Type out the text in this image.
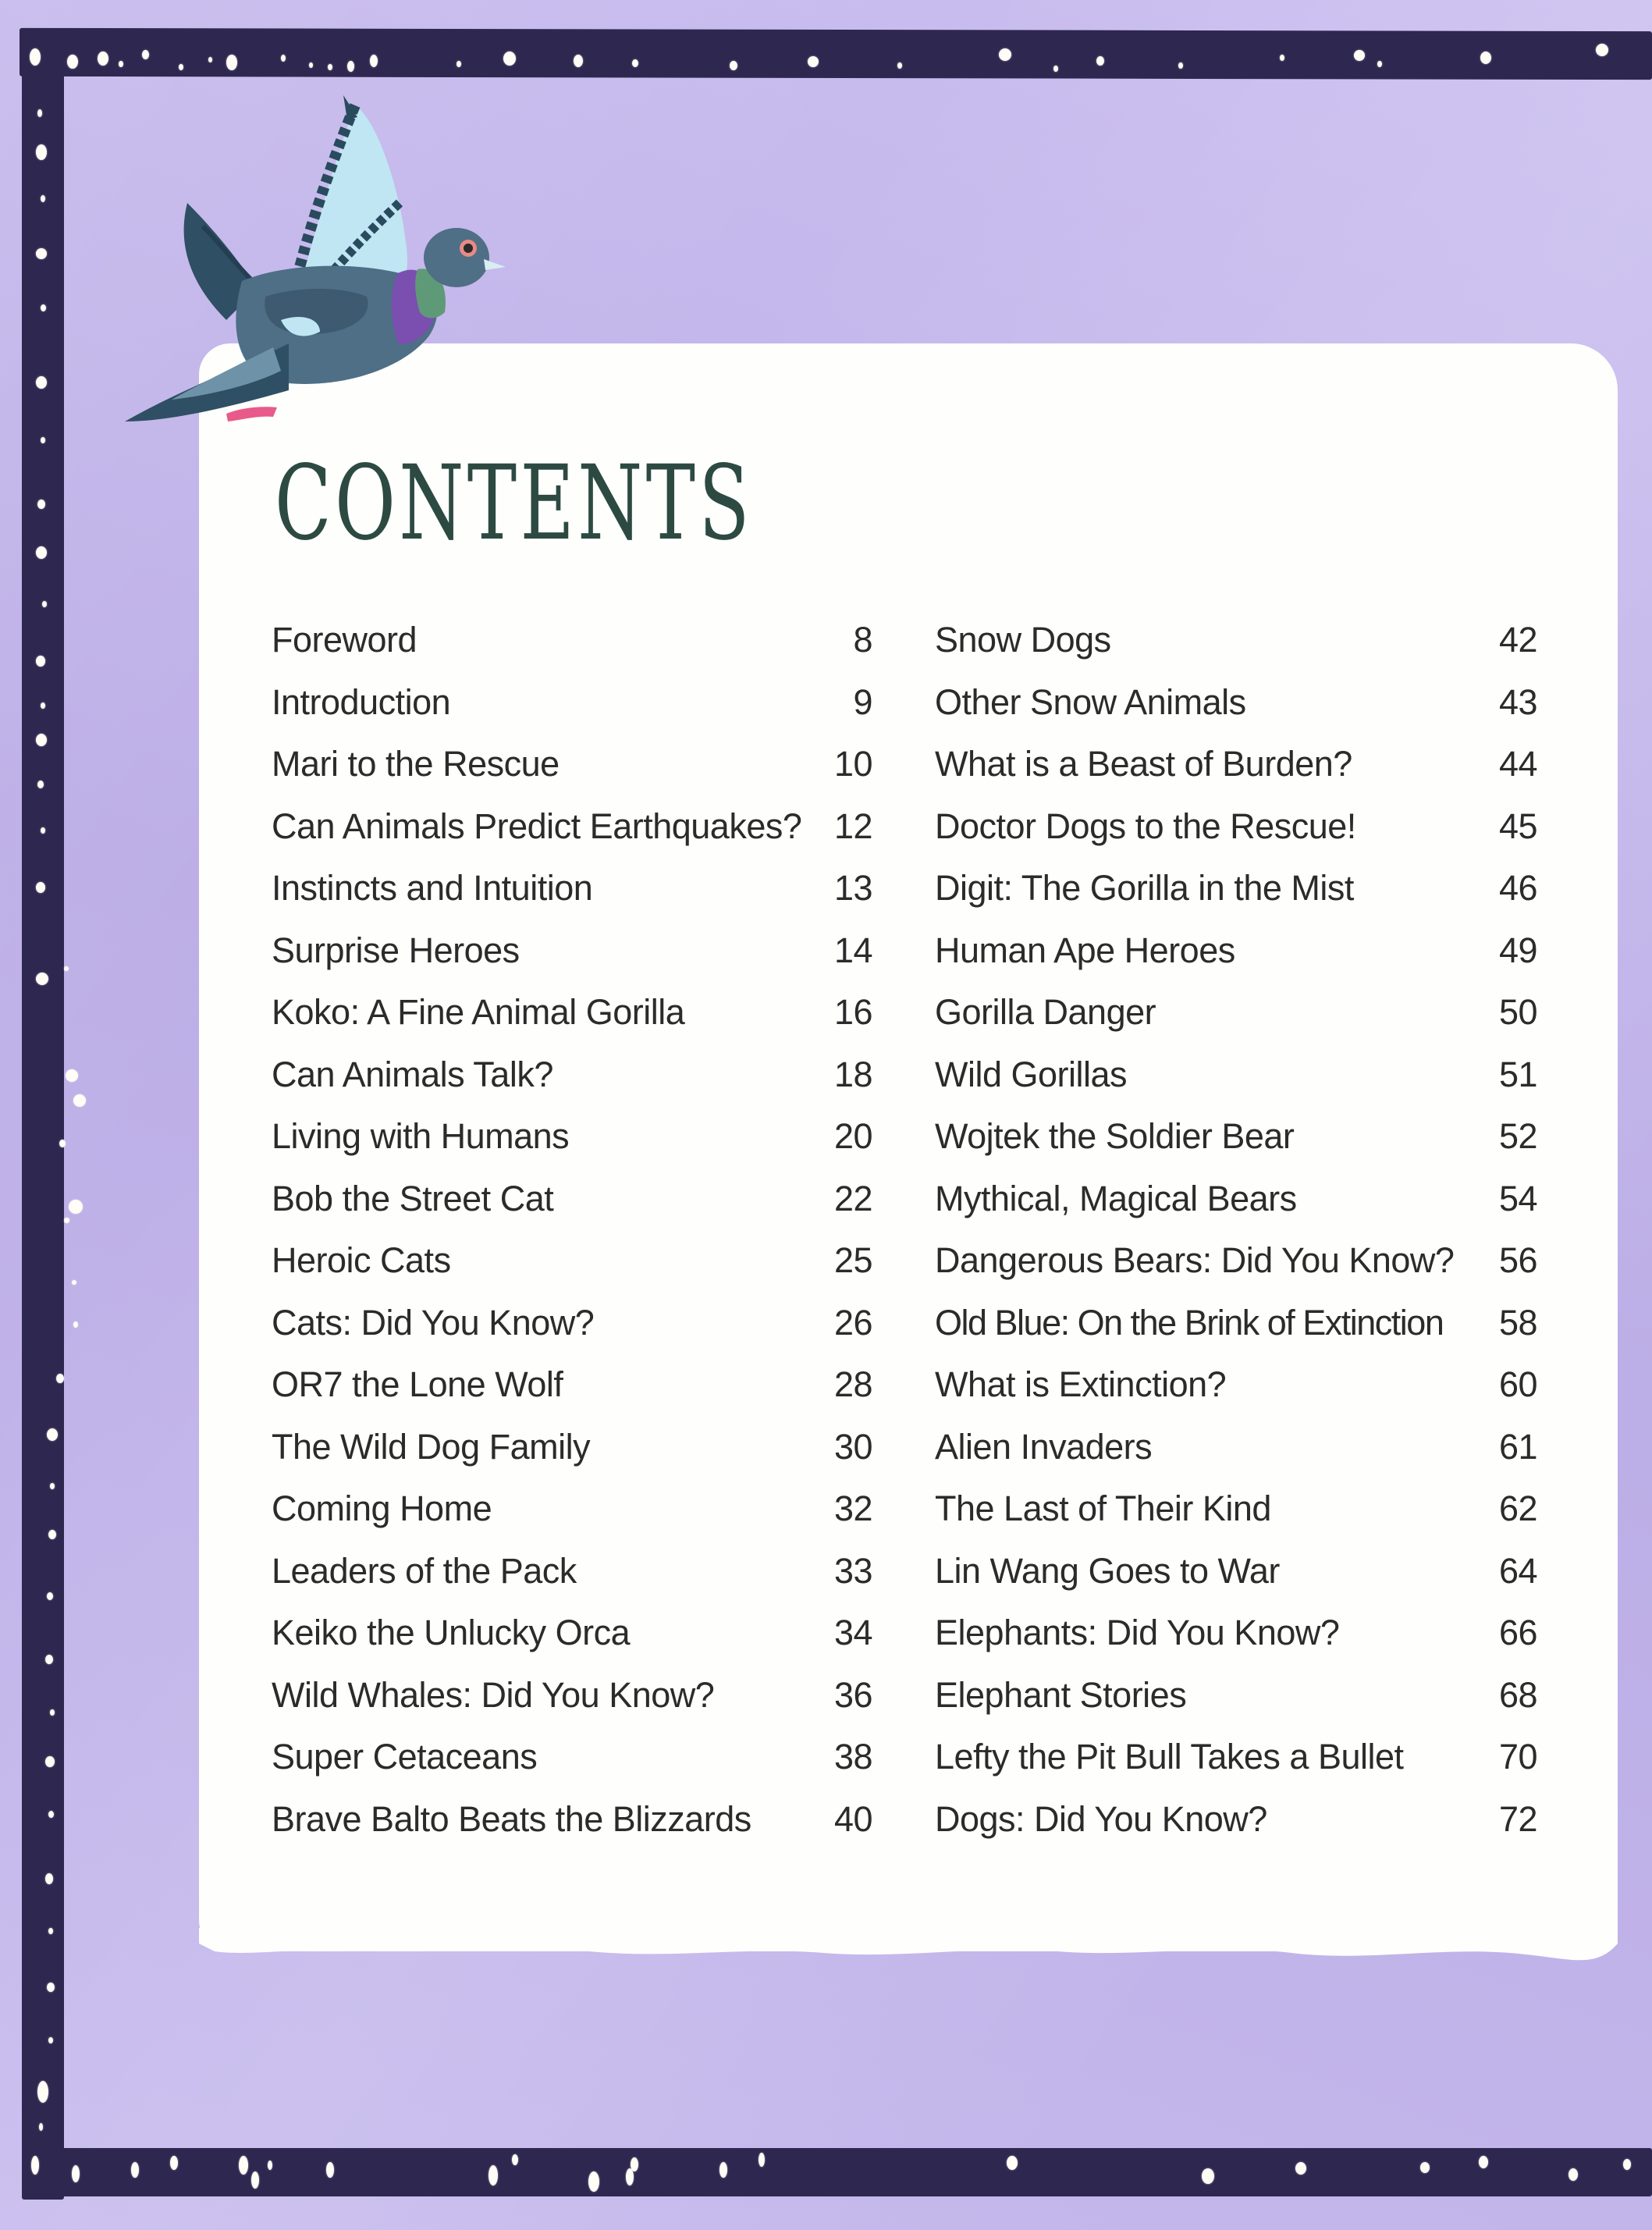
CONTENTS
Foreword	8
Introduction	9
Mari to the Rescue	10
Can Animals Predict Earthquakes? 12
Instincts and Intuition	13
Surprise Heroes	14
Koko: A Fine Animal Gorilla	16
Can Animals Talk?	18
Living with Humans	20
Bob the Street Cat	22
Heroic Cats	25
Cats: Did You Know?	26
OR7 the Lone Wolf	28
The Wild Dog Family	30
Coming Home	32
Leaders of the Pack	33
Keiko the Unlucky Orca	34
Wild Whales: Did You Know?	36
Super Cetaceans	38
Brave Balto Beats the Blizzards 40
Snow Dogs	42
Other Snow Animals	43
What is a Beast of Burden?	44
Doctor Dogs to the Rescue!	45
Digit: The Gorilla in the Mist	46
Human Ape Heroes	49
Gorilla Danger	50
Wild Gorillas	51
Wojtek the Soldier Bear	52
Mythical, Magical Bears	54
Dangerous Bears: Did You Know? 56
Old Blue: On the Brink of Extinction 58
What is Extinction?	60
Alien Invaders	61
The Last of Their Kind	62
Lin Wang Goes to War	64
Elephants: Did You Know?	66
Elephant Stories	68
Lefty the Pit Bull Takes a Bullet	70
Dogs: Did You Know?	72
